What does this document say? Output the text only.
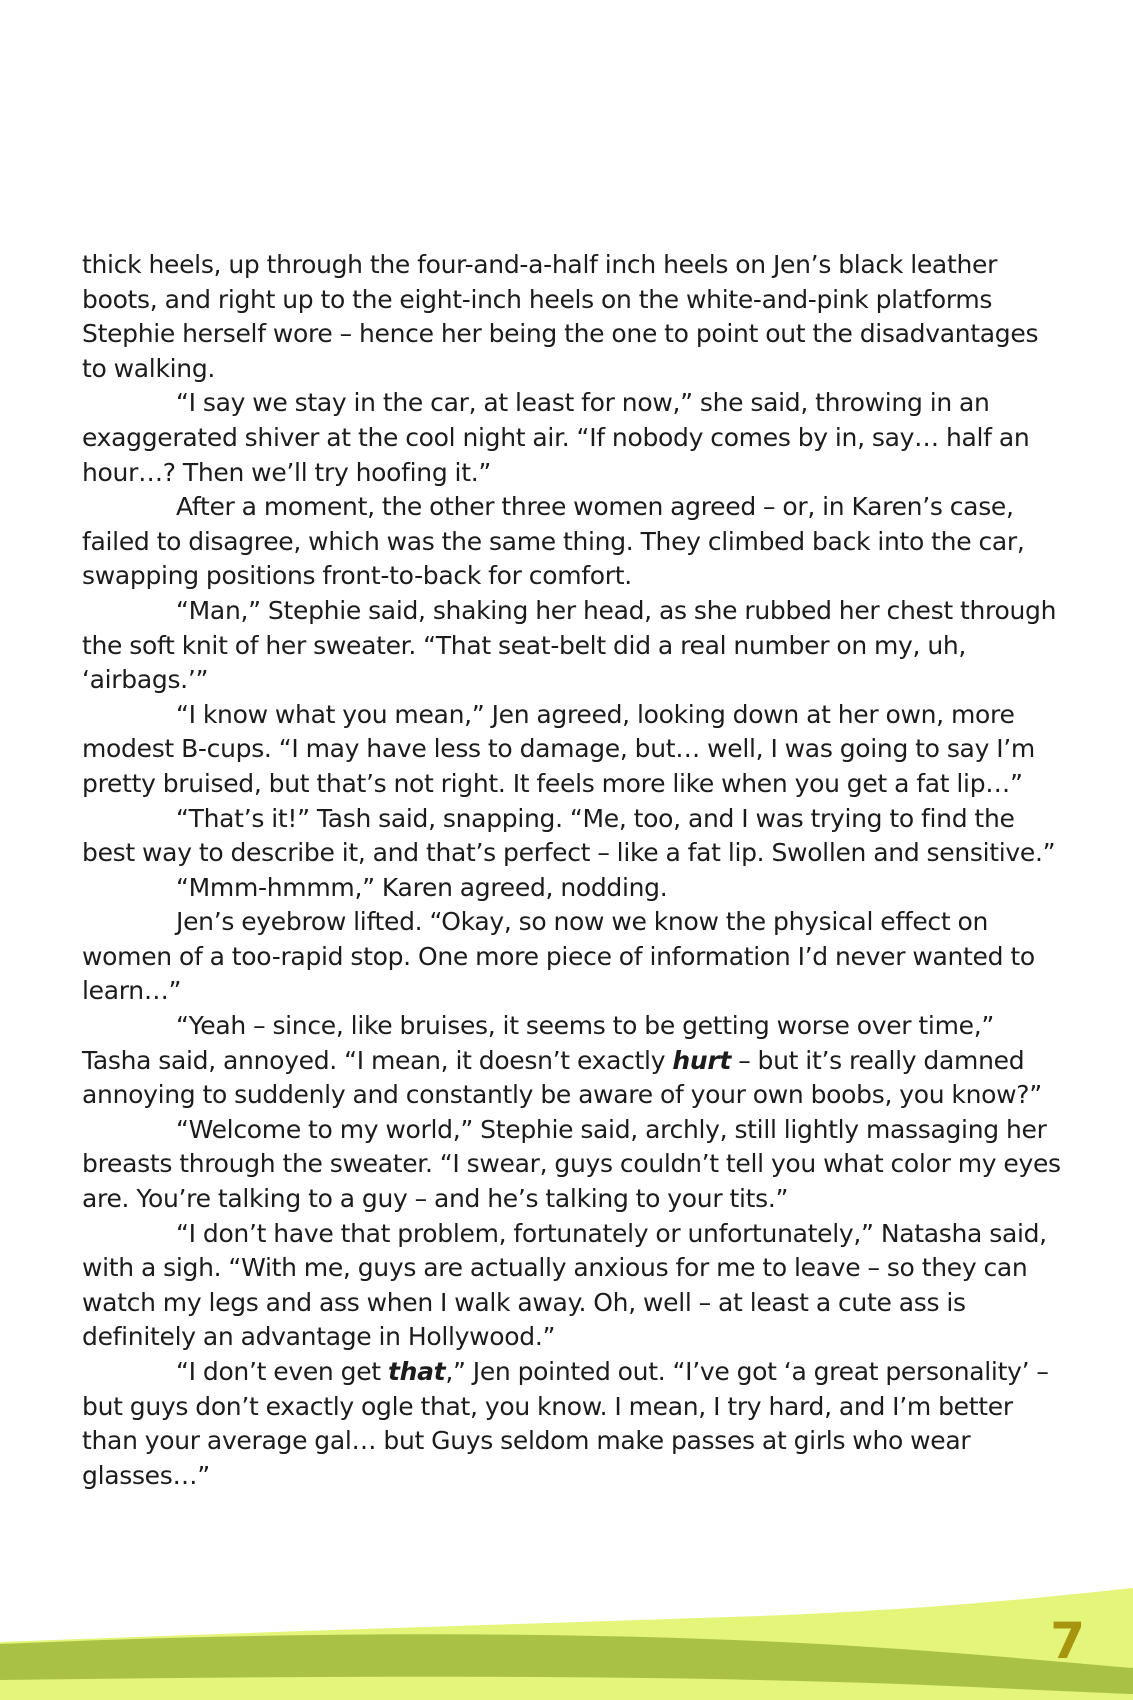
thick heels, up through the four-and-a-half inch heels on Jen’s black leather boots, and right up to the eight-inch heels on the white-and-pink platforms Stephie herself wore – hence her being the one to point out the disadvantages to walking.

“I say we stay in the car, at least for now,” she said, throwing in an exaggerated shiver at the cool night air. “If nobody comes by in, say… half an hour…? Then we’ll try hoofing it.”

After a moment, the other three women agreed – or, in Karen’s case, failed to disagree, which was the same thing. They climbed back into the car, swapping positions front-to-back for comfort.

“Man,” Stephie said, shaking her head, as she rubbed her chest through the soft knit of her sweater. “That seat-belt did a real number on my, uh, ‘airbags.’”

“I know what you mean,” Jen agreed, looking down at her own, more modest B-cups. “I may have less to damage, but… well, I was going to say I’m pretty bruised, but that’s not right. It feels more like when you get a fat lip…”

“That’s it!” Tash said, snapping. “Me, too, and I was trying to find the best way to describe it, and that’s perfect – like a fat lip. Swollen and sensitive.”

“Mmm-hmmm,” Karen agreed, nodding.

Jen’s eyebrow lifted. “Okay, so now we know the physical effect on women of a too-rapid stop. One more piece of information I’d never wanted to learn…”

“Yeah – since, like bruises, it seems to be getting worse over time,” Tasha said, annoyed. “I mean, it doesn’t exactly hurt – but it’s really damned annoying to suddenly and constantly be aware of your own boobs, you know?”

“Welcome to my world,” Stephie said, archly, still lightly massaging her breasts through the sweater. “I swear, guys couldn’t tell you what color my eyes are. You’re talking to a guy – and he’s talking to your tits.”

“I don’t have that problem, fortunately or unfortunately,” Natasha said, with a sigh. “With me, guys are actually anxious for me to leave – so they can watch my legs and ass when I walk away. Oh, well – at least a cute ass is definitely an advantage in Hollywood.”

“I don’t even get that,” Jen pointed out. “I’ve got ‘a great personality’ – but guys don’t exactly ogle that, you know. I mean, I try hard, and I’m better than your average gal… but Guys seldom make passes at girls who wear glasses…”

7
